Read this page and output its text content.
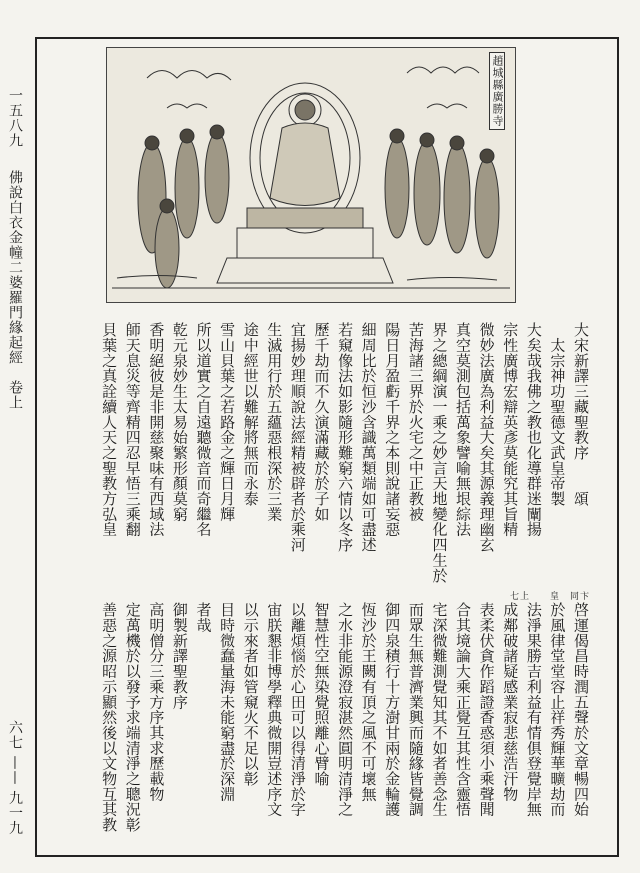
一五八九
佛說白衣金幢二婆羅門緣起經　卷上
六七 —— 九一九
趙城縣廣勝寺
大宋新譯三藏聖教序　　頌
　太宗神功聖德文武皇帝製
大矣哉我佛之教也化導群迷闡揚
宗性廣博宏辯英彥莫能究其旨精
微妙法廣為利益大矣其源義理幽玄
真空莫測包括萬象譬喻無垠綜法
界之總綱演一乘之妙言天地變化四生於
苦海諸三界於火宅之中正教被
陽日月盈虧千界之本則說諸妄惡
細周比於恒沙含識萬類端如可盡述
若窺像法如影隨形難窮六情以冬序
歷千劫而不久演滿藏於於子如
宜揚妙理順說法經精被辟者於乘河
生滅用行於五蘊惡根深於三業
途中經世以難解將無而永泰
雪山貝葉之若路金之輝日月輝
所以道實之自遠聽微音而奇繼名
乾元泉妙生太易始繁形顏莫窮
香明絕彼是非開慈聚味有西域法
師天息災等齊精四忍早悟三乘翻
貝葉之真詮續人天之聖教方弘皇
啓運偈昌時潤五聲於文章暢四始
於風律堂堂容止祥秀輝華曠劫而
法淨果勝吉利益有情俱登覺岸無
成鄰破諸疑感業寂悲慈浩汗物
表柔伏貪作蹈證香惑須小乘聲聞
合其境論大乘正覺互其性含靈悟
宅深微難測覺知其不如者善念生
而眾生無普濟業興而隨緣皆覺調
御四泉積行十方澍甘兩於金輪護
恆沙於王闕有頂之風不可壞無
之水非能源澄寂湛然圓明清淨之
智慧性空無染覺照離心臂喻
以離煩惱於心田可以得清淨於字
宙朕懇非博學釋典微開豈述序文
以示來者如管窺火不足以彰
目時微蠢量海未能窮盡於深淵
者哉
御製新譯聖教序
高明僧分三乘方序其求歷載物
定萬機於以發予求端清淨之聰況彰
善惡之源昭示顯然後以文物互其教
七上　　皇　同卞
